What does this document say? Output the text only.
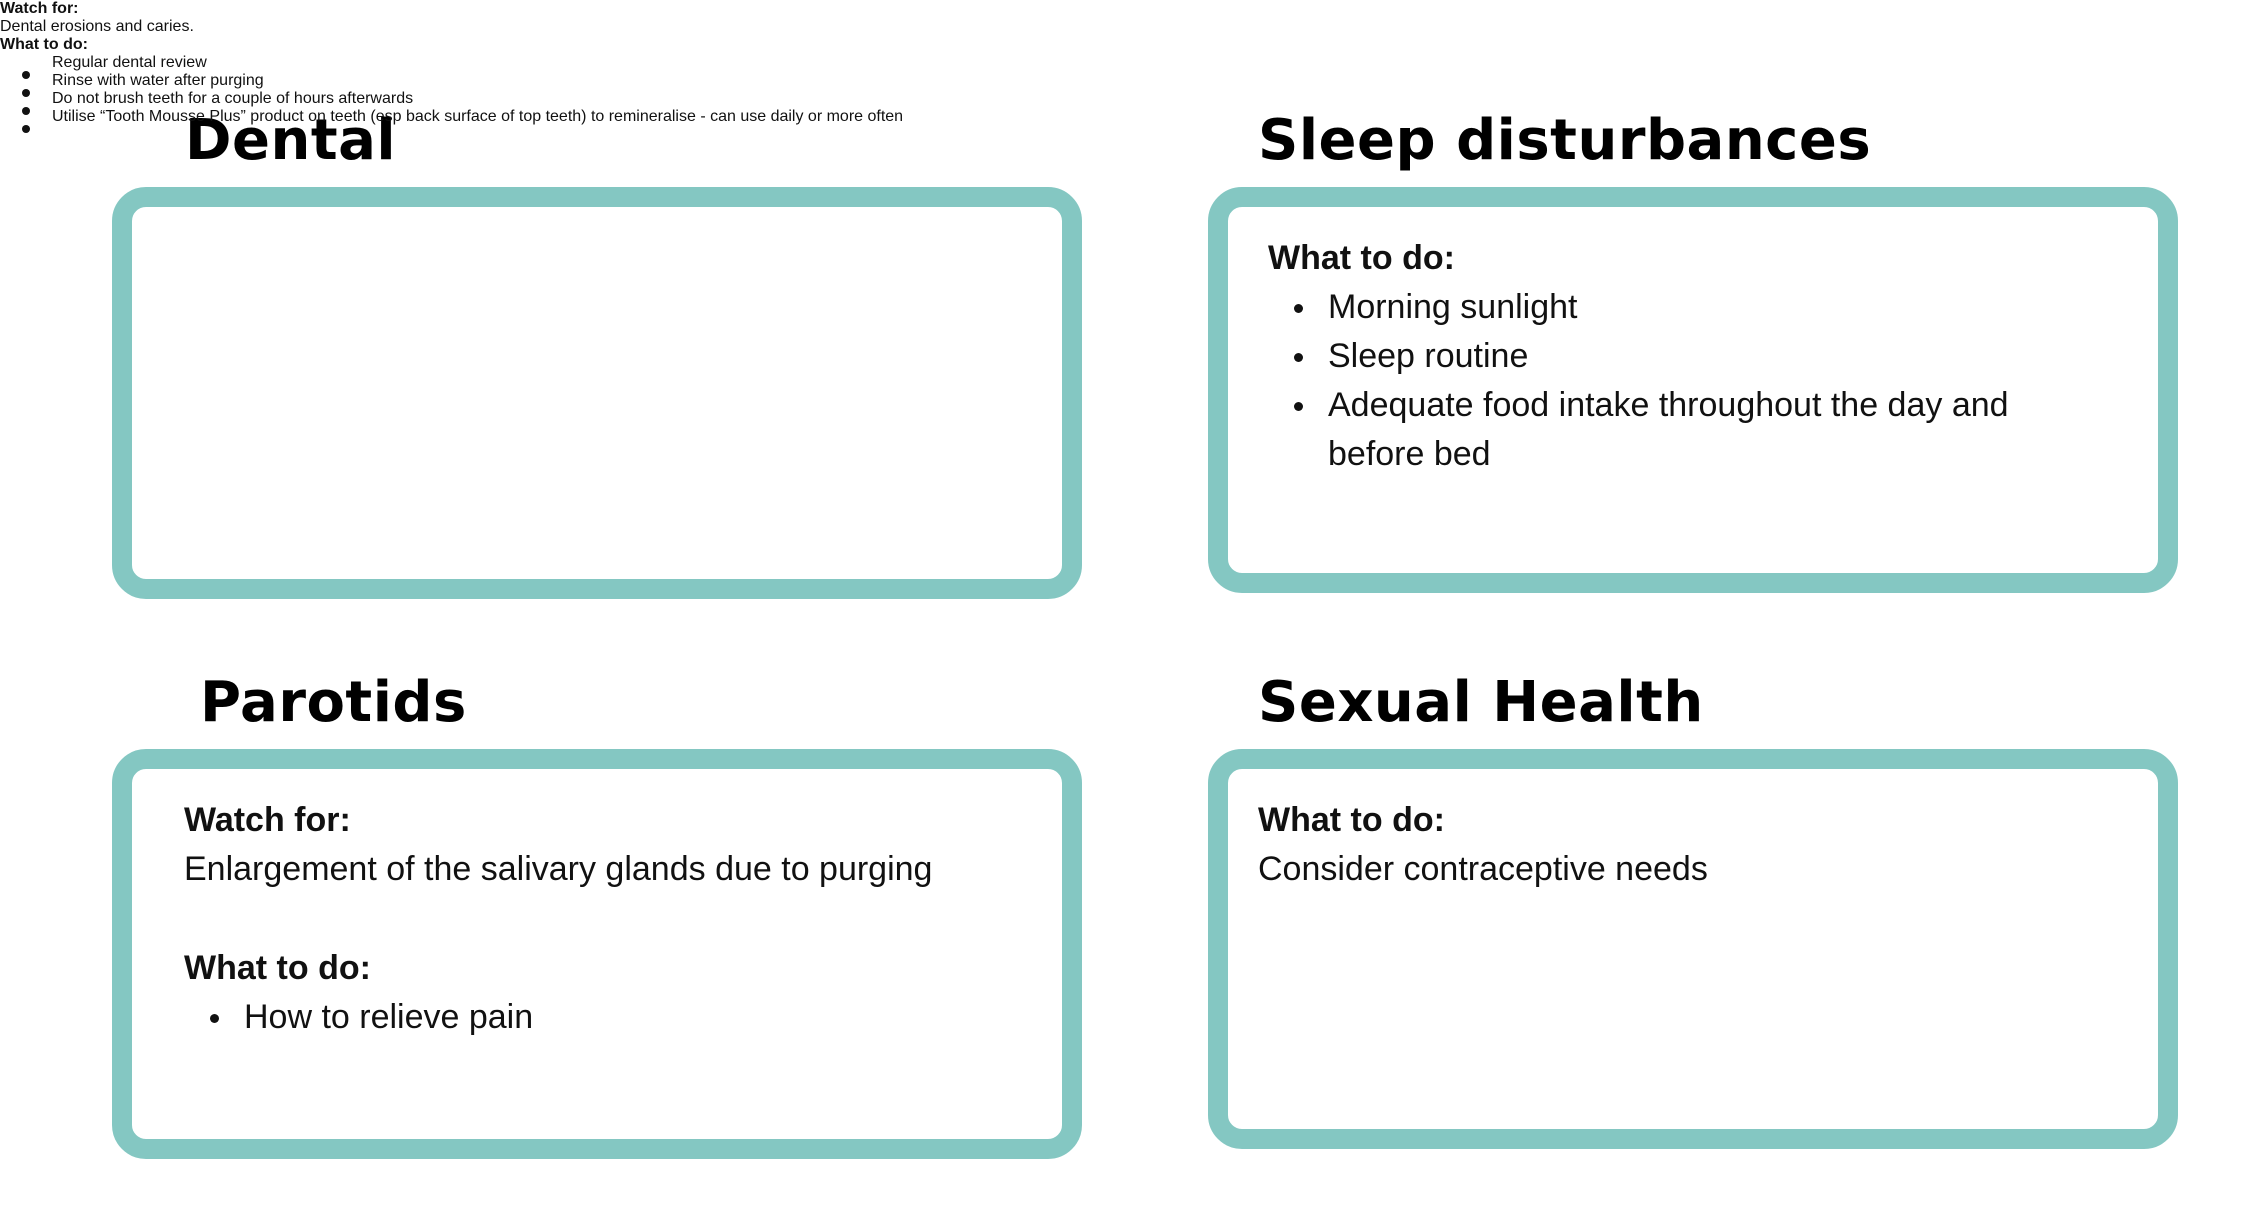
Dental
Watch for:
Dental erosions and caries.
What to do:
Regular dental review
Rinse with water after purging
Do not brush teeth for a couple of hours afterwards
Utilise “Tooth Mousse Plus” product on teeth (esp back surface of top teeth) to remineralise - can use daily or more often	Sleep disturbances
What to do:
Morning sunlight
Sleep routine
Adequate food intake throughout the day and before bed
Parotids
Watch for:
Enlargement of the salivary glands due to purging
What to do:
How to relieve pain
Sexual Health
What to do:
Consider contraceptive needs
